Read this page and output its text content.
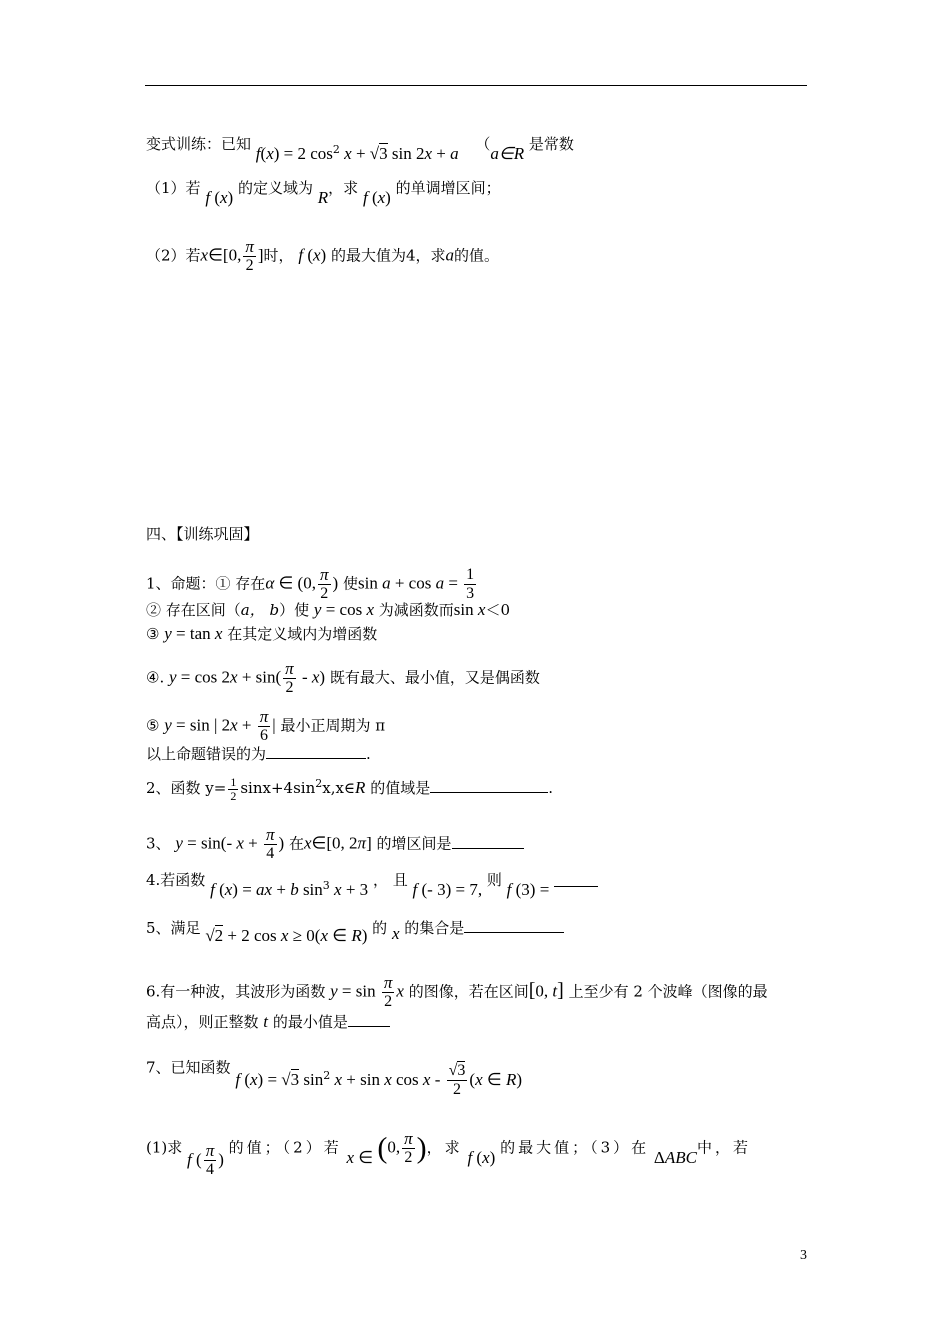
变式训练：已知 f(x) = 2 $\cos_2 x + √3$ sin 2x + a （a∈R 是常数
（1）若 f (x) 的定义域为 R，求 f (x) 的单调增区间；
（2）若x∈[0, $\frac{\pi}{2}$ ]时， f (x) 的最大值为4，求a的值。
四、【训练巩固】
1、命题：① 存在α ∈ (0, $\frac{\pi}{2}$ ) 使$\sin a + \cos a = \frac{1}{3}$
② 存在区间（a， b）使 y = cos x 为减函数而sin x＜0
③ y = tan x 在其定义域内为增函数
④. $y = \cos 2x + \sin( \frac{\pi}{2} - x)$ 既有最大、最小值，又是偶函数
⑤ y = sin | $2x + \frac{\pi}{6}$ | 最小正周期为 π
以上命题错误的为	.
2、函数 $y= \frac{1}{2}$ $\sin x+4\sin^2x,x\in R$ 的值域是	.
3、 y = sin(- $x + \frac{\pi}{4}$ ) 在x∈[0, 2π] 的增区间是
4.若函数 f (x) = ax + b $\sin_3 x + 3$ ， 且 f (- 3) = 7, 则 f (3) =
5、满足 √2 + 2 cos x ≥ 0(x ∈ R) 的 x 的集合是
6.有一种波，其波形为函数 $y = \sin \frac{\pi}{2}$ x 的图像，若在区间[0, t] 上至少有 2 个波峰（图像的最
高点），则正整数 t 的最小值是
7、已知函数 f (x) = √3 $\sin_2 x + \sin x$ cos x - $\frac{√3}{2} (x$ ∈ R)
(1)求 f ( $\frac{\pi}{4}$ ) 的值；（2）若 x ∈ (0, $\frac{\pi}{2}$ )，求 f (x) 的最大值；（3）在 ΔABC中，若
3
